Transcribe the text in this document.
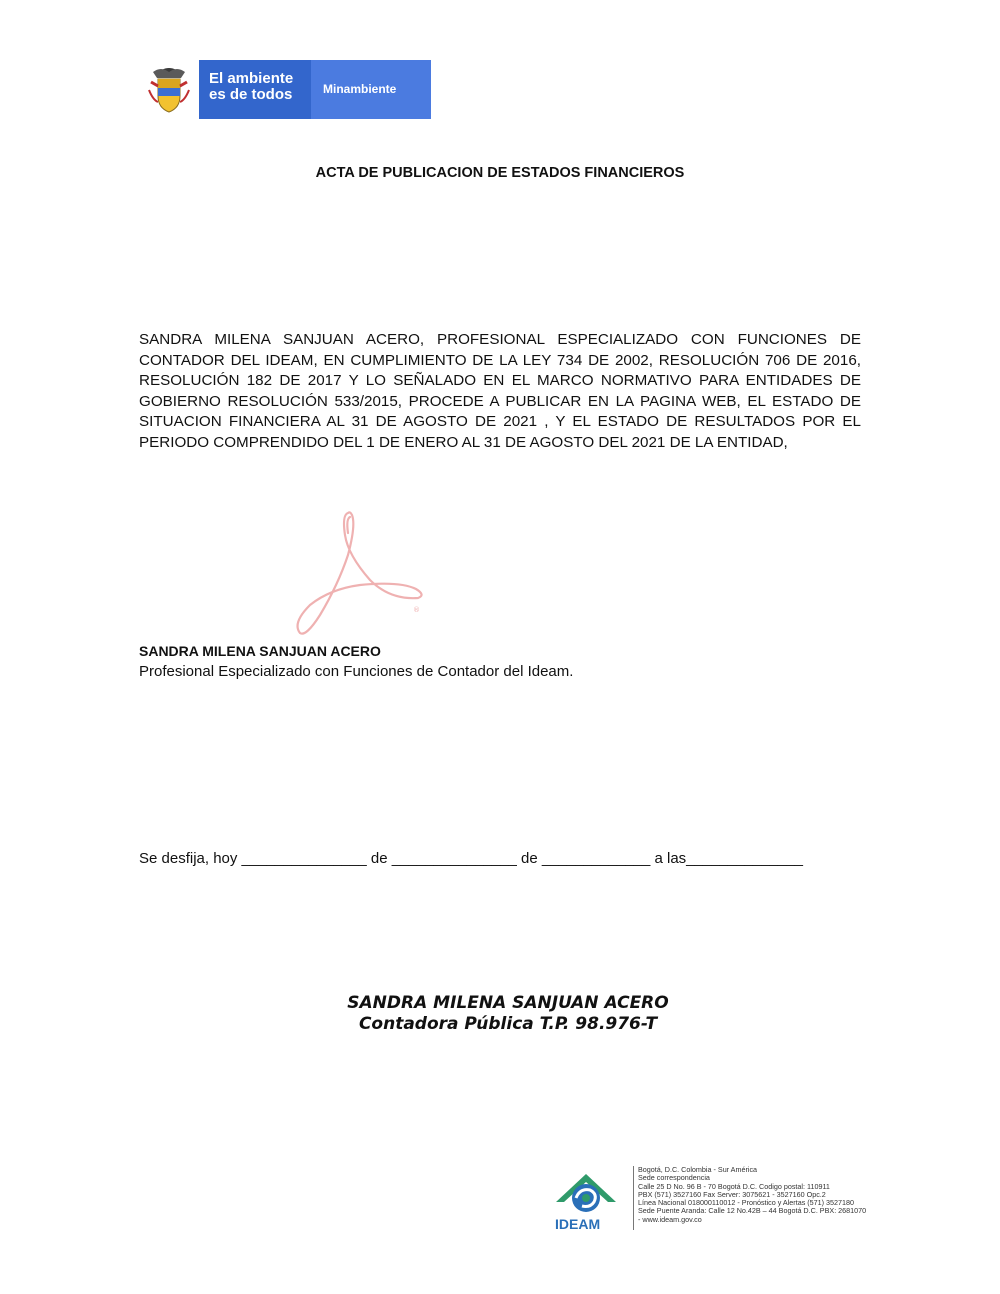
El ambiente
es de todos	Minambiente
ACTA DE PUBLICACION DE ESTADOS FINANCIEROS
SANDRA MILENA SANJUAN ACERO, PROFESIONAL ESPECIALIZADO CON FUNCIONES DE
CONTADOR DEL IDEAM, EN CUMPLIMIENTO DE LA LEY 734 DE 2002, RESOLUCIÓN 706 DE 2016,
RESOLUCIÓN 182 DE 2017 Y LO SEÑALADO EN EL MARCO NORMATIVO PARA ENTIDADES DE
GOBIERNO RESOLUCIÓN 533/2015, PROCEDE A PUBLICAR EN LA PAGINA WEB, EL ESTADO DE
SITUACION FINANCIERA AL 31 DE AGOSTO DE 2021 , Y EL ESTADO DE RESULTADOS POR EL
PERIODO COMPRENDIDO DEL 1 DE ENERO AL 31 DE AGOSTO DEL 2021 DE LA ENTIDAD,
®
SANDRA MILENA SANJUAN ACERO
Profesional Especializado con Funciones de Contador del Ideam.
Se desfija, hoy _______________ de _______________ de _____________ a las______________
SANDRA MILENA SANJUAN ACERO
Contadora Pública T.P. 98.976-T
IDEAM
Bogotá, D.C. Colombia - Sur América
Sede correspondencia
Calle 25 D No. 96 B - 70 Bogotá D.C. Codigo postal: 110911
PBX (571) 3527160 Fax Server: 3075621 - 3527160 Opc.2
Línea Nacional 018000110012 - Pronóstico y Alertas (571) 3527180
Sede Puente Aranda: Calle 12 No.42B – 44 Bogotá D.C. PBX: 2681070
- www.ideam.gov.co
